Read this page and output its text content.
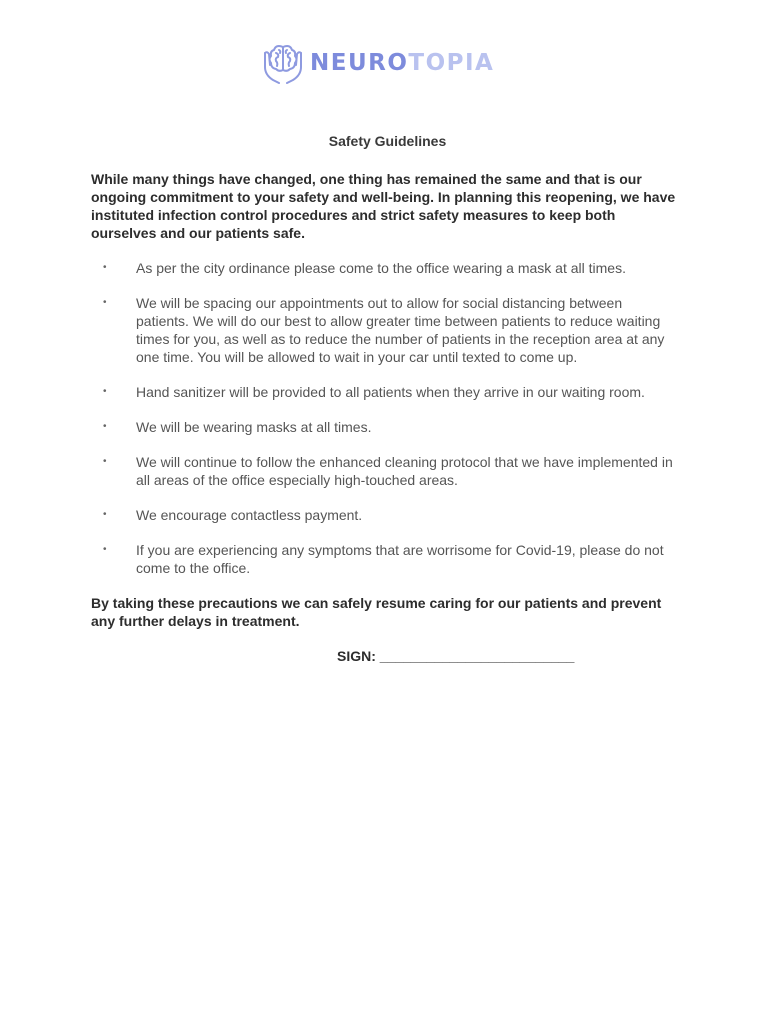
NEUROTOPIA
Safety Guidelines

While many things have changed, one thing has remained the same and that is our ongoing commitment to your safety and well-being. In planning this reopening, we have instituted infection control procedures and strict safety measures to keep both ourselves and our patients safe.

• As per the city ordinance please come to the office wearing a mask at all times.
• We will be spacing our appointments out to allow for social distancing between patients. We will do our best to allow greater time between patients to reduce waiting times for you, as well as to reduce the number of patients in the reception area at any one time. You will be allowed to wait in your car until texted to come up.
• Hand sanitizer will be provided to all patients when they arrive in our waiting room.
• We will be wearing masks at all times.
• We will continue to follow the enhanced cleaning protocol that we have implemented in all areas of the office especially high-touched areas.
• We encourage contactless payment.
• If you are experiencing any symptoms that are worrisome for Covid-19, please do not come to the office.

By taking these precautions we can safely resume caring for our patients and prevent any further delays in treatment.

SIGN: _________________________
